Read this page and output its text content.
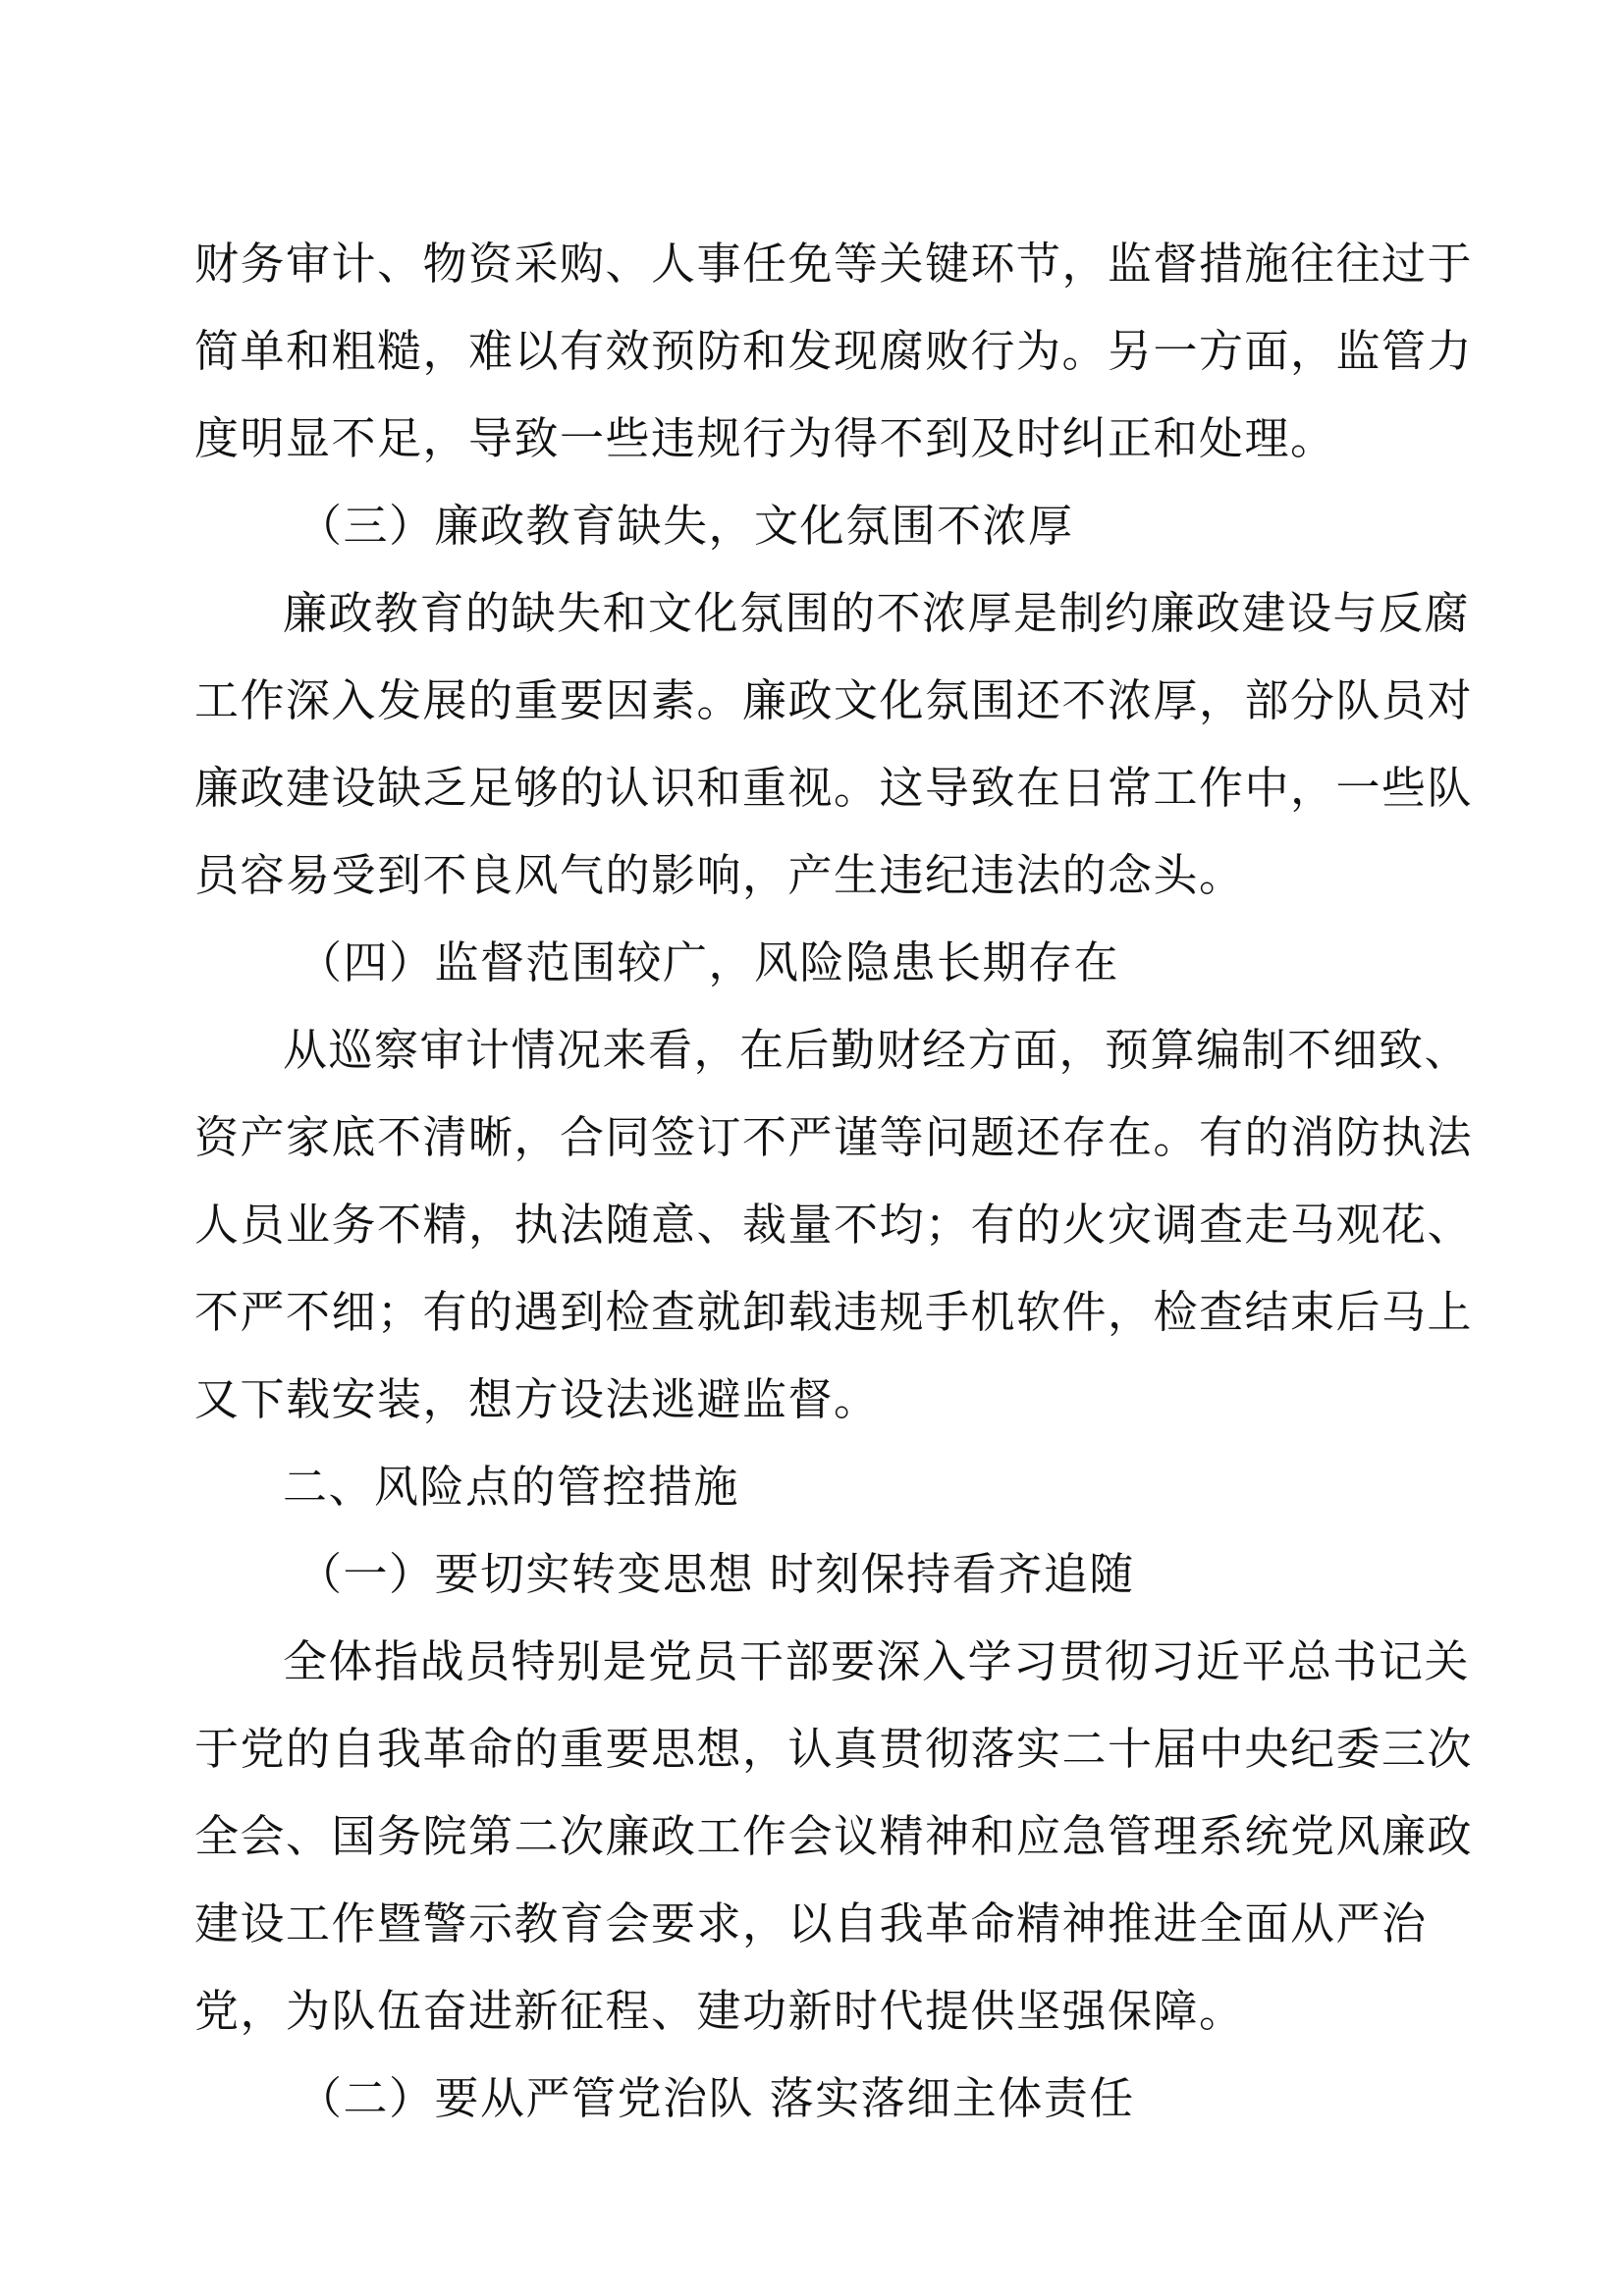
财务审计、物资采购、人事任免等关键环节，监督措施往往过于
简单和粗糙，难以有效预防和发现腐败行为。另一方面，监管力
度明显不足，导致一些违规行为得不到及时纠正和处理。

（三）廉政教育缺失，文化氛围不浓厚

廉政教育的缺失和文化氛围的不浓厚是制约廉政建设与反腐
工作深入发展的重要因素。廉政文化氛围还不浓厚，部分队员对
廉政建设缺乏足够的认识和重视。这导致在日常工作中，一些队
员容易受到不良风气的影响，产生违纪违法的念头。

（四）监督范围较广，风险隐患长期存在

从巡察审计情况来看，在后勤财经方面，预算编制不细致、
资产家底不清晰，合同签订不严谨等问题还存在。有的消防执法
人员业务不精，执法随意、裁量不均；有的火灾调查走马观花、
不严不细；有的遇到检查就卸载违规手机软件，检查结束后马上
又下载安装，想方设法逃避监督。

二、风险点的管控措施

（一）要切实转变思想 时刻保持看齐追随

全体指战员特别是党员干部要深入学习贯彻习近平总书记关
于党的自我革命的重要思想，认真贯彻落实二十届中央纪委三次
全会、国务院第二次廉政工作会议精神和应急管理系统党风廉政
建设工作暨警示教育会要求，以自我革命精神推进全面从严治
党，为队伍奋进新征程、建功新时代提供坚强保障。

（二）要从严管党治队 落实落细主体责任
